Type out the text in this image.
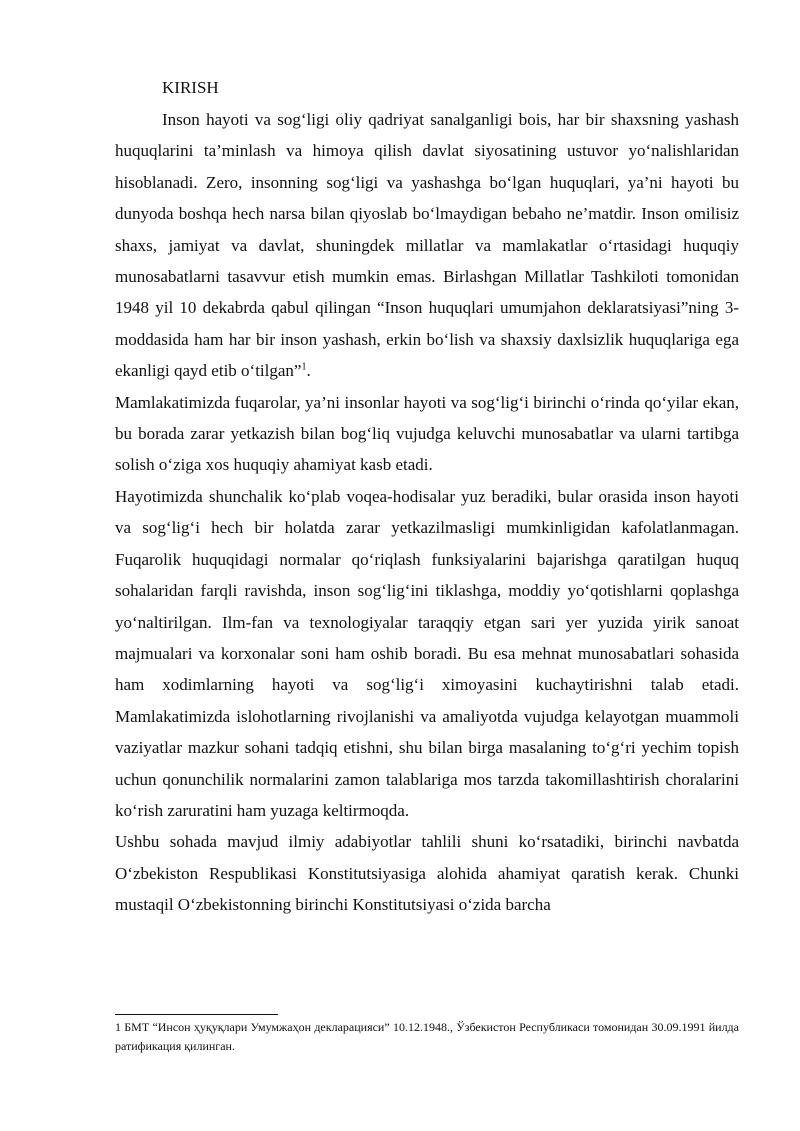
KIRISH

Inson hayoti va sog‘ligi oliy qadriyat sanalganligi bois, har bir shaxsning yashash huquqlarini ta’minlash va himoya qilish davlat siyosatining ustuvor yo‘nalishlaridan hisoblanadi. Zero, insonning sog‘ligi va yashashga bo‘lgan huquqlari, ya’ni hayoti bu dunyoda boshqa hech narsa bilan qiyoslab bo‘lmaydigan bebaho ne’matdir. Inson omilisiz shaxs, jamiyat va davlat, shuningdek millatlar va mamlakatlar o‘rtasidagi huquqiy munosabatlarni tasavvur etish mumkin emas. Birlashgan Millatlar Tashkiloti tomonidan 1948 yil 10 dekabrda qabul qilingan “Inson huquqlari umumjahon deklaratsiyasi”ning 3-moddasida ham har bir inson yashash, erkin bo‘lish va shaxsiy daxlsizlik huquqlariga ega ekanligi qayd etib o‘tilgan”$^1$.

Mamlakatimizda fuqarolar, ya’ni insonlar hayoti va sog‘lig‘i birinchi o‘rinda qo‘yilar ekan, bu borada zarar yetkazish bilan bog‘liq vujudga keluvchi munosabatlar va ularni tartibga solish o‘ziga xos huquqiy ahamiyat kasb etadi.

Hayotimizda shunchalik ko‘plab voqea-hodisalar yuz beradiki, bular orasida inson hayoti va sog‘lig‘i hech bir holatda zarar yetkazilmasligi mumkinligidan kafolatlanmagan. Fuqarolik huquqidagi normalar qo‘riqlash funksiyalarini bajarishga qaratilgan huquq sohalaridan farqli ravishda, inson sog‘lig‘ini tiklashga, moddiy yo‘qotishlarni qoplashga yo‘naltirilgan. Ilm-fan va texnologiyalar taraqqiy etgan sari yer yuzida yirik sanoat majmualari va korxonalar soni ham oshib boradi. Bu esa mehnat munosabatlari sohasida ham xodimlarning hayoti va sog‘lig‘i ximoyasini kuchaytirishni talab etadi. Mamlakatimizda islohotlarning rivojlanishi va amaliyotda vujudga kelayotgan muammoli vaziyatlar mazkur sohani tadqiq etishni, shu bilan birga masalaning to‘g‘ri yechim topish uchun qonunchilik normalarini zamon talablariga mos tarzda takomillashtirish choralarini ko‘rish zaruratini ham yuzaga keltirmoqda.

Ushbu sohada mavjud ilmiy adabiyotlar tahlili shuni ko‘rsatadiki, birinchi navbatda O‘zbekiston Respublikasi Konstitutsiyasiga alohida ahamiyat qaratish kerak. Chunki mustaqil O‘zbekistonning birinchi Konstitutsiyasi o‘zida barcha

1 БМТ “Инсон ҳуқуқлари Умумжаҳон декларацияси” 10.12.1948., Ўзбекистон Республикаси томонидан 30.09.1991 йилда ратификация қилинган.
